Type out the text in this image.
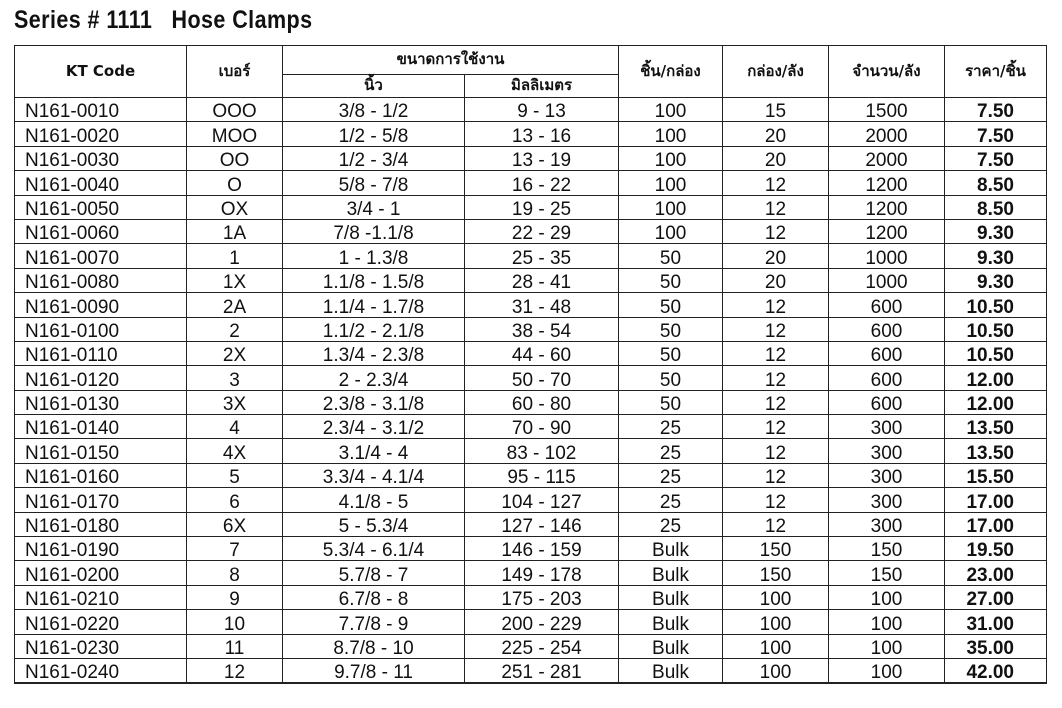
Series # 1111   Hose Clamps
KT Code	เบอร์	ขนาดการใช้งาน		ชิ้น/กล่อง	กล่อง/ลัง	จำนวน/ลัง	ราคา/ชิ้น
		นิ้ว	มิลลิเมตร				
N161-0010	OOO	3/8 - 1/2	9 - 13	100	15	1500	7.50
N161-0020	MOO	1/2 - 5/8	13 - 16	100	20	2000	7.50
N161-0030	OO	1/2 - 3/4	13 - 19	100	20	2000	7.50
N161-0040	O	5/8 - 7/8	16 - 22	100	12	1200	8.50
N161-0050	OX	3/4 - 1	19 - 25	100	12	1200	8.50
N161-0060	1A	7/8 -1.1/8	22 - 29	100	12	1200	9.30
N161-0070	1	1 - 1.3/8	25 - 35	50	20	1000	9.30
N161-0080	1X	1.1/8 - 1.5/8	28 - 41	50	20	1000	9.30
N161-0090	2A	1.1/4 - 1.7/8	31 - 48	50	12	600	10.50
N161-0100	2	1.1/2 - 2.1/8	38 - 54	50	12	600	10.50
N161-0110	2X	1.3/4 - 2.3/8	44 - 60	50	12	600	10.50
N161-0120	3	2 - 2.3/4	50 - 70	50	12	600	12.00
N161-0130	3X	2.3/8 - 3.1/8	60 - 80	50	12	600	12.00
N161-0140	4	2.3/4 - 3.1/2	70 - 90	25	12	300	13.50
N161-0150	4X	3.1/4 - 4	83 - 102	25	12	300	13.50
N161-0160	5	3.3/4 - 4.1/4	95 - 115	25	12	300	15.50
N161-0170	6	4.1/8 - 5	104 - 127	25	12	300	17.00
N161-0180	6X	5 - 5.3/4	127 - 146	25	12	300	17.00
N161-0190	7	5.3/4 - 6.1/4	146 - 159	Bulk	150	150	19.50
N161-0200	8	5.7/8 - 7	149 - 178	Bulk	150	150	23.00
N161-0210	9	6.7/8 - 8	175 - 203	Bulk	100	100	27.00
N161-0220	10	7.7/8 - 9	200 - 229	Bulk	100	100	31.00
N161-0230	11	8.7/8 - 10	225 - 254	Bulk	100	100	35.00
N161-0240	12	9.7/8 - 11	251 - 281	Bulk	100	100	42.00
